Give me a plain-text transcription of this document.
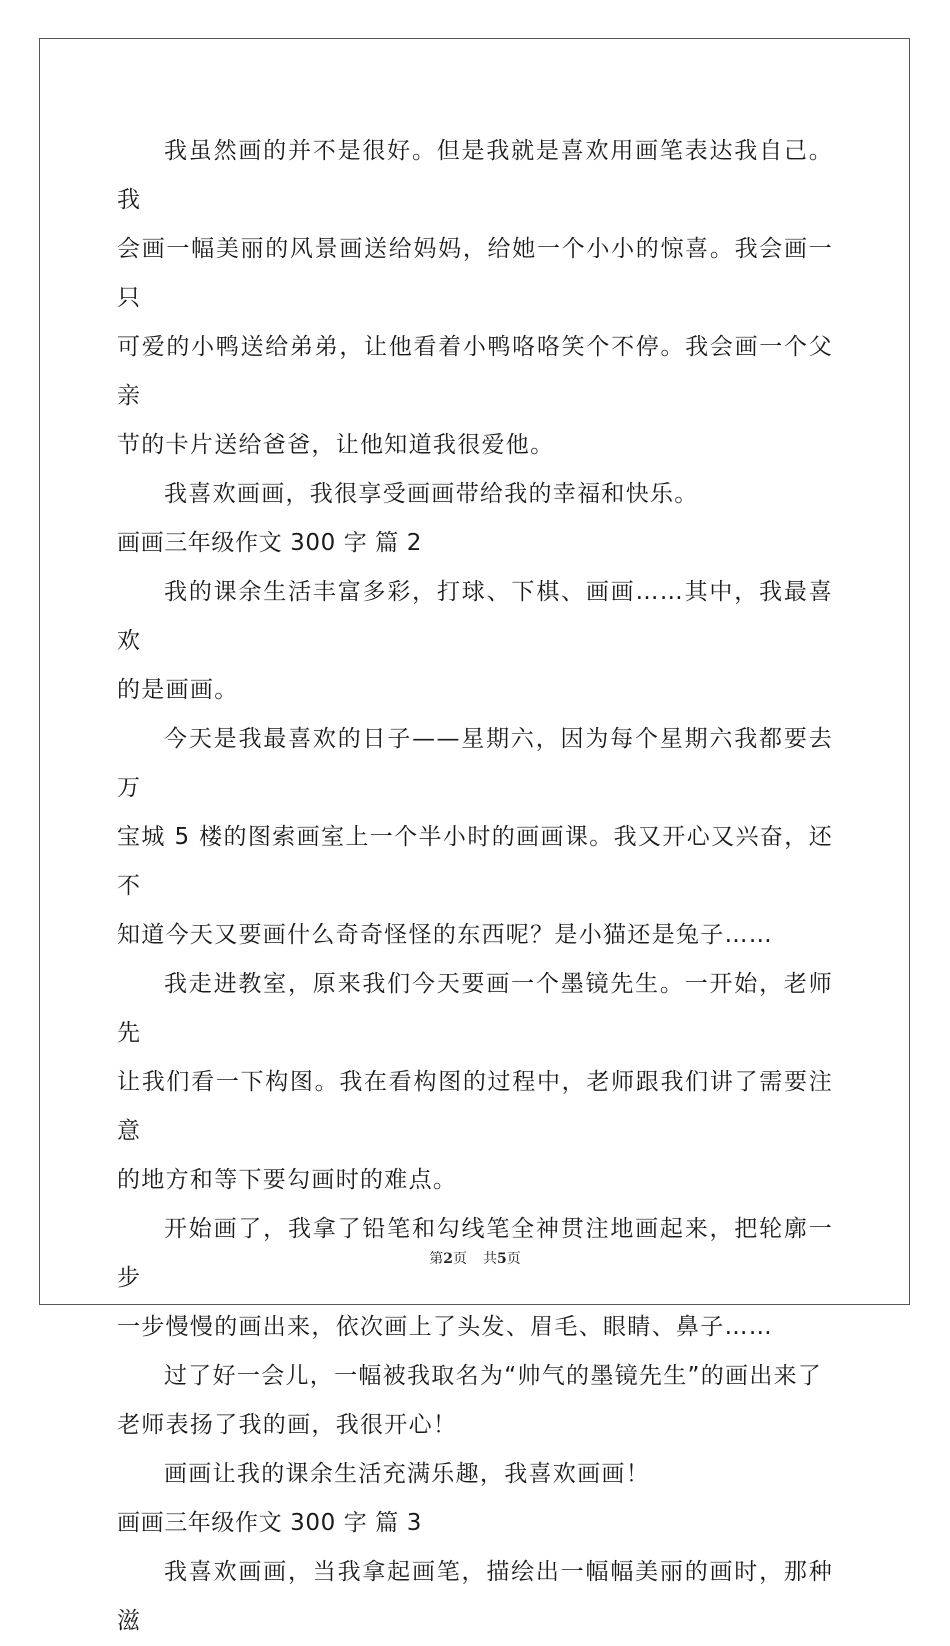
我虽然画的并不是很好。但是我就是喜欢用画笔表达我自己。我
会画一幅美丽的风景画送给妈妈，给她一个小小的惊喜。我会画一只
可爱的小鸭送给弟弟，让他看着小鸭咯咯笑个不停。我会画一个父亲
节的卡片送给爸爸，让他知道我很爱他。

我喜欢画画，我很享受画画带给我的幸福和快乐。

画画三年级作文 300 字 篇 2

我的课余生活丰富多彩，打球、下棋、画画……其中，我最喜欢
的是画画。

今天是我最喜欢的日子——星期六，因为每个星期六我都要去万
宝城 5 楼的图索画室上一个半小时的画画课。我又开心又兴奋，还不
知道今天又要画什么奇奇怪怪的东西呢？是小猫还是兔子……

我走进教室，原来我们今天要画一个墨镜先生。一开始，老师先
让我们看一下构图。我在看构图的过程中，老师跟我们讲了需要注意
的地方和等下要勾画时的难点。

开始画了，我拿了铅笔和勾线笔全神贯注地画起来，把轮廓一步
一步慢慢的画出来，依次画上了头发、眉毛、眼睛、鼻子……

过了好一会儿，一幅被我取名为“帅气的墨镜先生”的画出来了
老师表扬了我的画，我很开心！

画画让我的课余生活充满乐趣，我喜欢画画！

画画三年级作文 300 字 篇 3

我喜欢画画，当我拿起画笔，描绘出一幅幅美丽的画时，那种滋

第2页 共5页
